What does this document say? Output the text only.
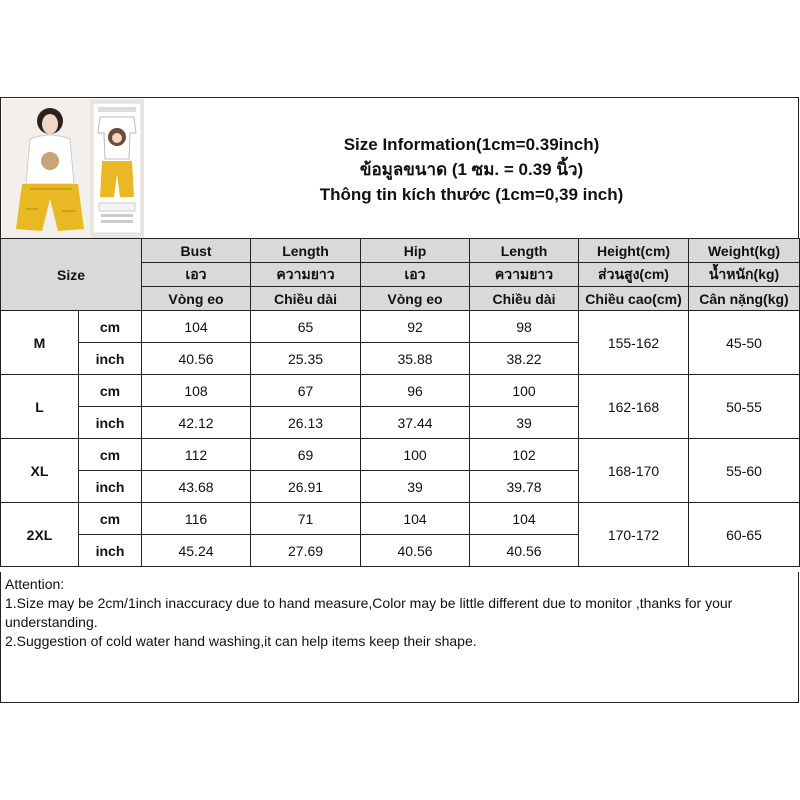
Size Information(1cm=0.39inch)
ข้อมูลขนาด (1 ซม. = 0.39 นิ้ว)
Thông tin kích thước (1cm=0,39 inch)
Size		Bust	Length	Hip	Length	Height(cm)	Weight(kg)
		เอว	ความยาว	เอว	ความยาว	ส่วนสูง(cm)	น้ำหนัก(kg)
		Vòng eo	Chiều dài	Vòng eo	Chiều dài	Chiều cao(cm)	Cân nặng(kg)
M	cm	104	65	92	98	155-162	45-50
	inch	40.56	25.35	35.88	38.22		
L	cm	108	67	96	100	162-168	50-55
	inch	42.12	26.13	37.44	39		
XL	cm	112	69	100	102	168-170	55-60
	inch	43.68	26.91	39	39.78		
2XL	cm	116	71	104	104	170-172	60-65
	inch	45.24	27.69	40.56	40.56		

Attention:

1.Size may be 2cm/1inch inaccuracy due to hand measure,Color may be little different due to monitor ,thanks for your understanding.

2.Suggestion of cold water hand washing,it can help items keep their shape.
